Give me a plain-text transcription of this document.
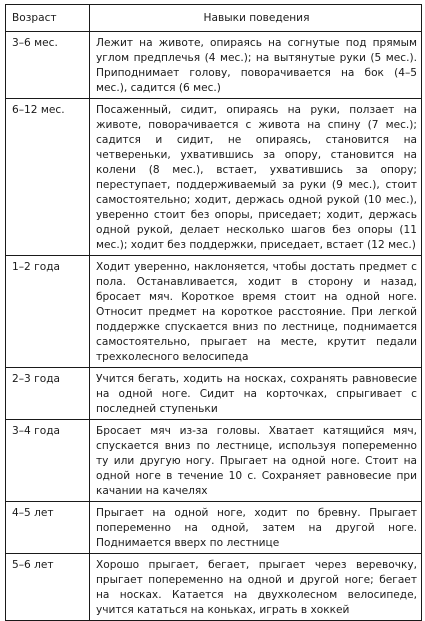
Возраст	Навыки поведения
3–6 мес.	Лежит на животе, опираясь на согнутые под прямым углом предплечья (4 мес.); на вытянутые руки (5 мес.). Приподнимает голову, поворачивается на бок (4–5 мес.), садится (6 мес.)
6–12 мес.	Посаженный, сидит, опираясь на руки, ползает на животе, поворачивается с живота на спину (7 мес.); садится и сидит, не опираясь, становится на четвереньки, ухватившись за опору, становится на колени (8 мес.), встает, ухватившись за опору; переступает, поддерживаемый за руки (9 мес.), стоит самостоятельно; ходит, держась одной рукой (10 мес.), уверенно стоит без опоры, приседает; ходит, держась одной рукой, делает несколько шагов без опоры (11 мес.); ходит без поддержки, приседает, встает (12 мес.)
1–2 года	Ходит уверенно, наклоняется, чтобы достать предмет с пола. Останавливается, ходит в сторону и назад, бросает мяч. Короткое время стоит на одной ноге. Относит предмет на короткое расстояние. При легкой поддержке спускается вниз по лестнице, поднимается самостоятельно, прыгает на месте, крутит педали трехколесного велосипеда
2–3 года	Учится бегать, ходить на носках, сохранять равновесие на одной ноге. Сидит на корточках, спрыгивает с последней ступеньки
3–4 года	Бросает мяч из-за головы. Хватает катящийся мяч, спускается вниз по лестнице, используя попеременно ту или другую ногу. Прыгает на одной ноге. Стоит на одной ноге в течение 10 с. Сохраняет равновесие при качании на качелях
4–5 лет	Прыгает на одной ноге, ходит по бревну. Прыгает попеременно на одной, затем на другой ноге. Поднимается вверх по лестнице
5–6 лет	Хорошо прыгает, бегает, прыгает через веревочку, прыгает попеременно на одной и другой ноге; бегает на носках. Катается на двухколесном велосипеде, учится кататься на коньках, играть в хоккей
